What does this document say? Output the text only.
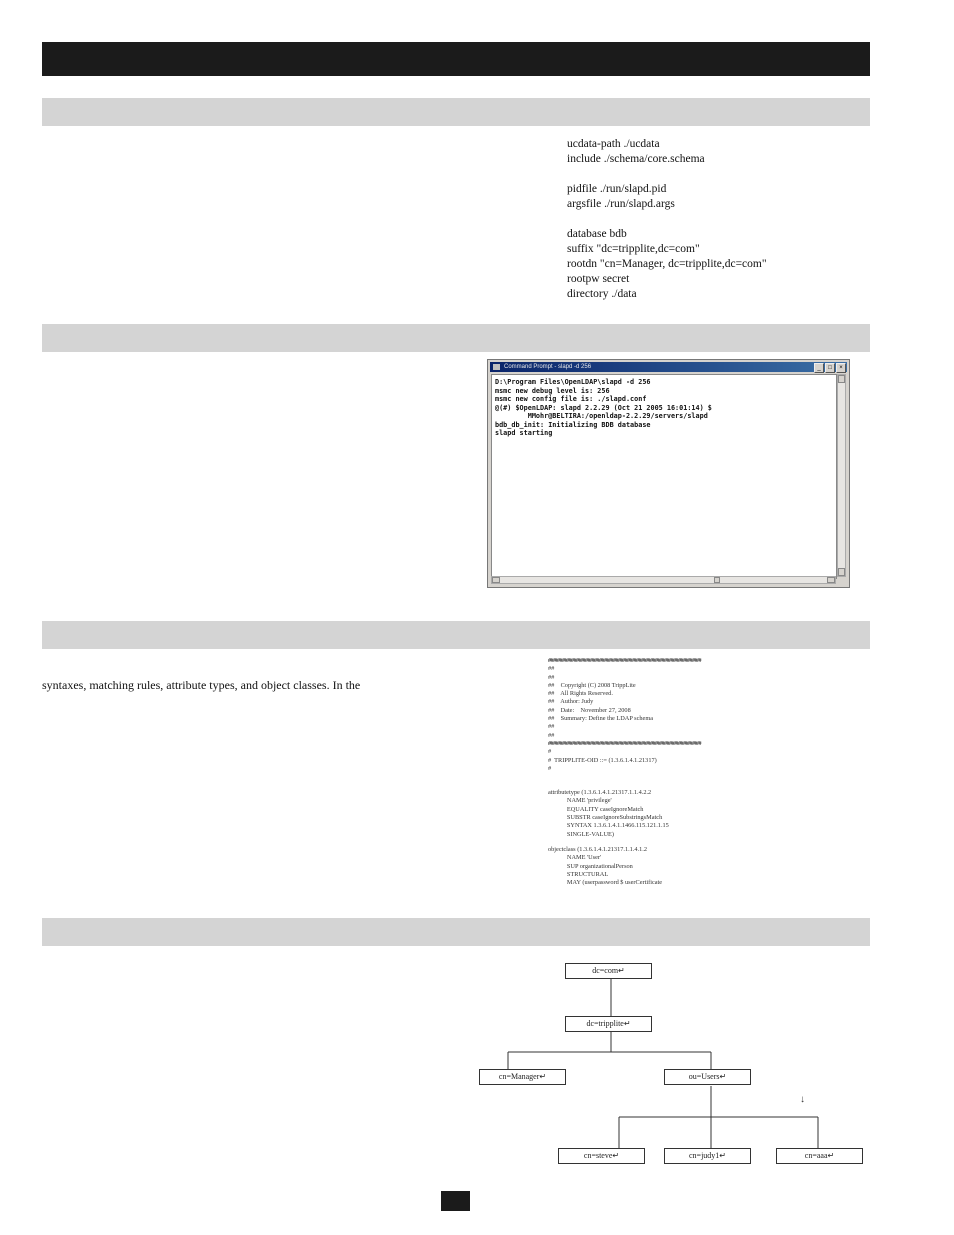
ucdata-path ./ucdata
include ./schema/core.schema
pidfile ./run/slapd.pid
argsfile ./run/slapd.args
database bdb
suffix "dc=tripplite,dc=com"
rootdn "cn=Manager, dc=tripplite,dc=com"
rootpw secret
directory ./data
Command Prompt - slapd -d 256	_	□	×
D:\Program Files\OpenLDAP\slapd -d 256
msmc new debug level is: 256
msmc new config file is: ./slapd.conf
@(#) $OpenLDAP: slapd 2.2.29 (Oct 21 2005 16:01:14) $
MMohr@BELTIRA:/openldap-2.2.29/servers/slapd
bdb_db_init: Initializing BDB database
slapd starting
syntaxes, matching rules, attribute types, and object classes. In the
############################################################
##
##
##    Copyright (C) 2008 TrippLite
##    All Rights Reserved.
##    Author: Judy
##    Date:    November 27, 2008
##    Summary: Define the LDAP schema
##
##
############################################################
#
#  TRIPPLITE-OID ::= (1.3.6.1.4.1.21317)
#
attributetype (1.3.6.1.4.1.21317.1.1.4.2.2
NAME 'privilege'
EQUALITY caseIgnoreMatch
SUBSTR caseIgnoreSubstringsMatch
SYNTAX 1.3.6.1.4.1.1466.115.121.1.15
SINGLE-VALUE)
objectclass (1.3.6.1.4.1.21317.1.1.4.1.2
NAME 'User'
SUP organizationalPerson
STRUCTURAL
MAY (userpassword $ userCertificate
dc=com↵
dc=tripplite↵
cn=Manager↵	ou=Users↵
cn=steve↵	cn=judy1↵	cn=aaa↵
↓
